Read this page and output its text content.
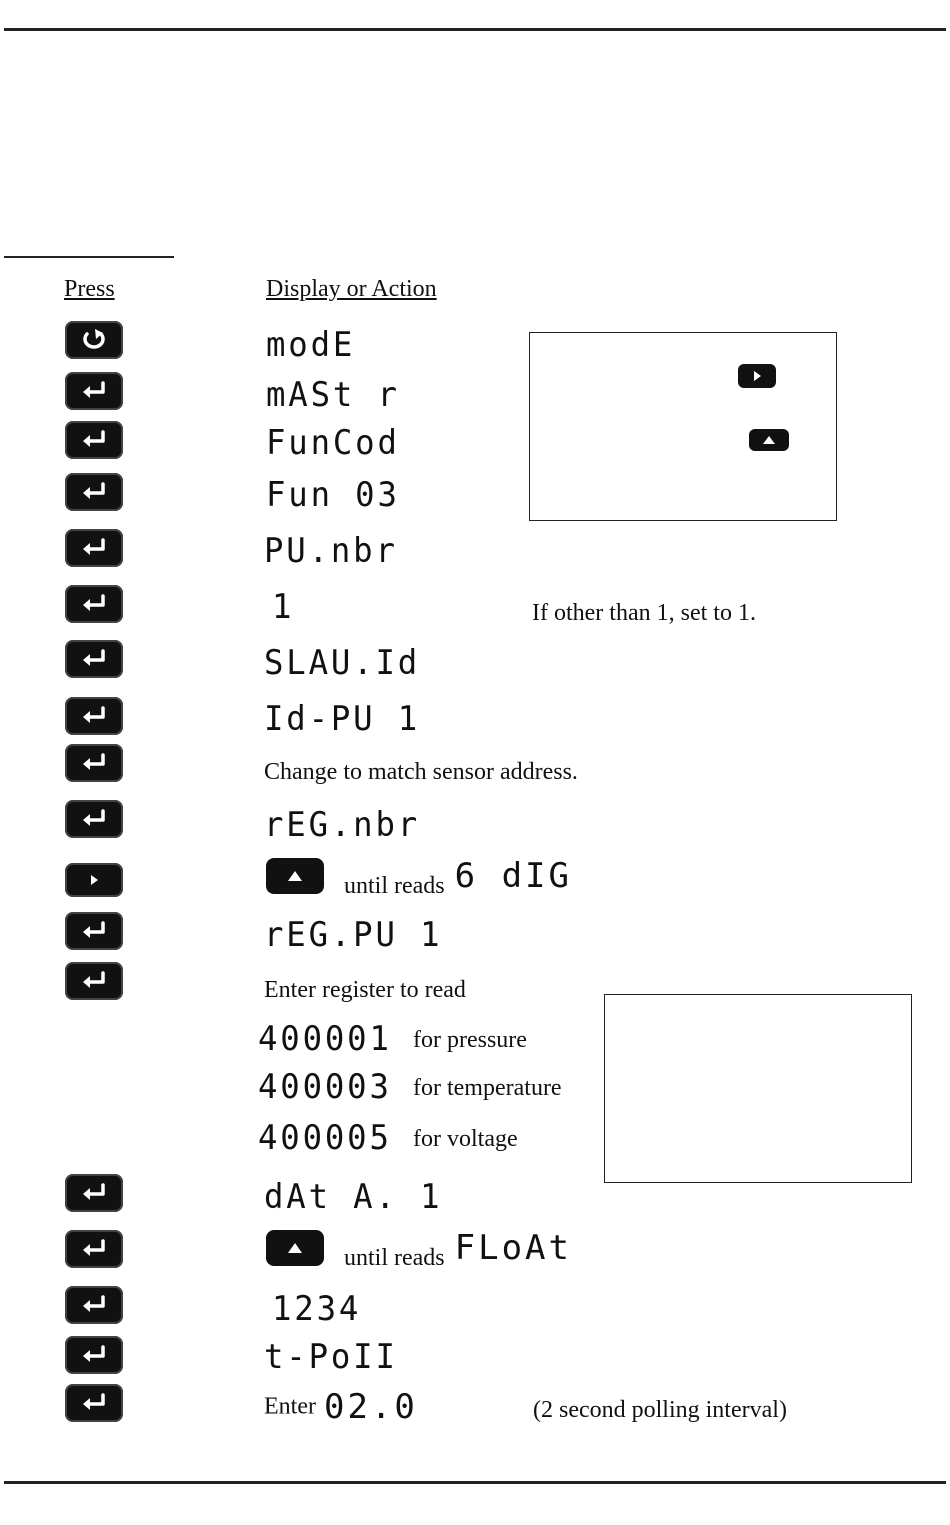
Press	Display or Action
modE
mASt r
FunCod
Fun 03
PU.nbr
1	If other than 1, set to 1.
SLAU.Id
Id-PU 1
Change to match sensor address.
rEG.nbr
until reads 6 dIG
rEG.PU 1
Enter register to read
400001 for pressure
400003 for temperature
400005 for voltage
dAt A. 1
until reads FLoAt
1234
t-PoII
Enter 02.0	(2 second polling interval)
